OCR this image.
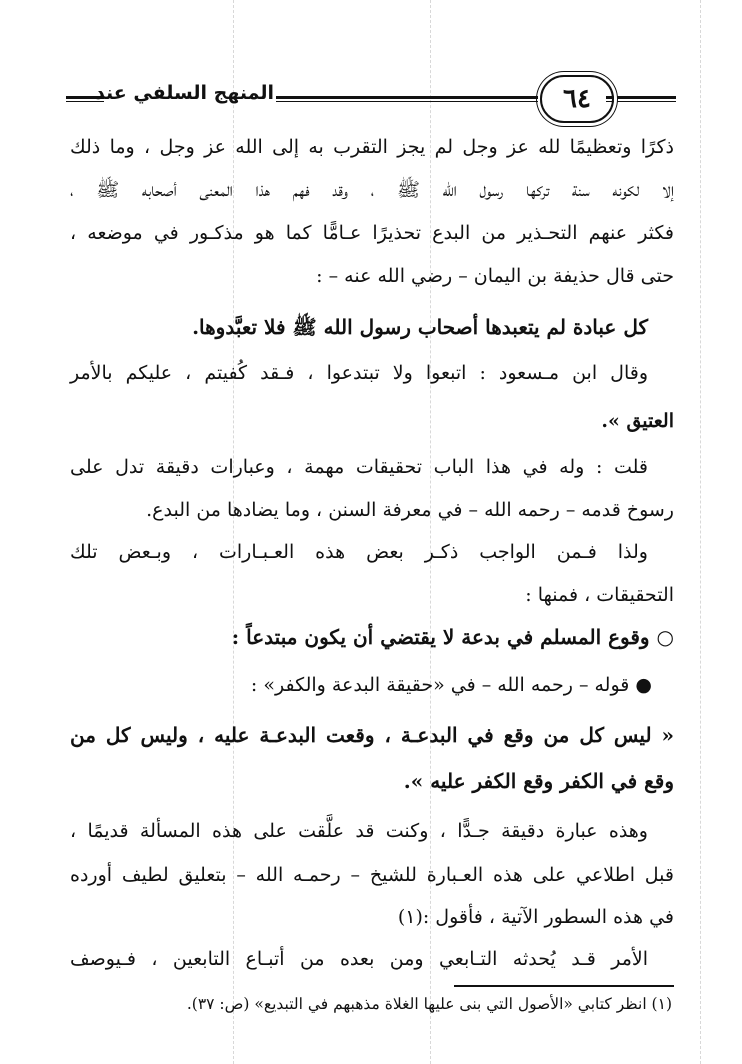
٦٤
المنهج السلفي عند
ذكرًا وتعظيمًا لله عز وجل لم يجز التقرب به إلى الله عز وجل ، وما ذلك
إلا لكونه سنة تركها رسول الله ﷺ ، وقد فهم هذا المعنى أصحابه ﷺ ،
فكثر عنهم التحـذير من البدع تحذيرًا عـامًّا كما هو مذكـور في موضعه ،
حتى قال حذيفة بن اليمان – رضي الله عنه – :
كل عبادة لم يتعبدها أصحاب رسول الله ﷺ فلا تعبَّدوها.
وقال ابن مـسعود : اتبعوا ولا تبتدعوا ، فـقد كُفيتم ، عليكم بالأمر
العتيق ».
قلت : وله في هذا الباب تحقيقات مهمة ، وعبارات دقيقة تدل على
رسوخ قدمه – رحمه الله – في معرفة السنن ، وما يضادها من البدع.
ولذا فـمن الواجب ذكـر بعض هذه العـبـارات ، وبـعض تلك
التحقيقات ، فمنها :
○ وقوع المسلم في بدعة لا يقتضي أن يكون مبتدعاً :
● قوله – رحمه الله – في «حقيقة البدعة والكفر» :
« ليس كل من وقع في البدعـة ، وقعت البدعـة عليه ، وليس كل من
وقع في الكفر وقع الكفر عليه ».
وهذه عبارة دقيقة جـدًّا ، وكنت قد علَّقت على هذه المسألة قديمًا ،
قبل اطلاعي على هذه العـبارة للشيخ – رحمـه الله – بتعليق لطيف أورده
في هذه السطور الآتية ، فأقول :(١)
الأمر قـد يُحدثه التـابعي ومن بعده من أتبـاع التابعين ، فـيوصف
(١) انظر كتابي «الأصول التي بنى عليها الغلاة مذهبهم في التبديع» (ص: ٣٧).
